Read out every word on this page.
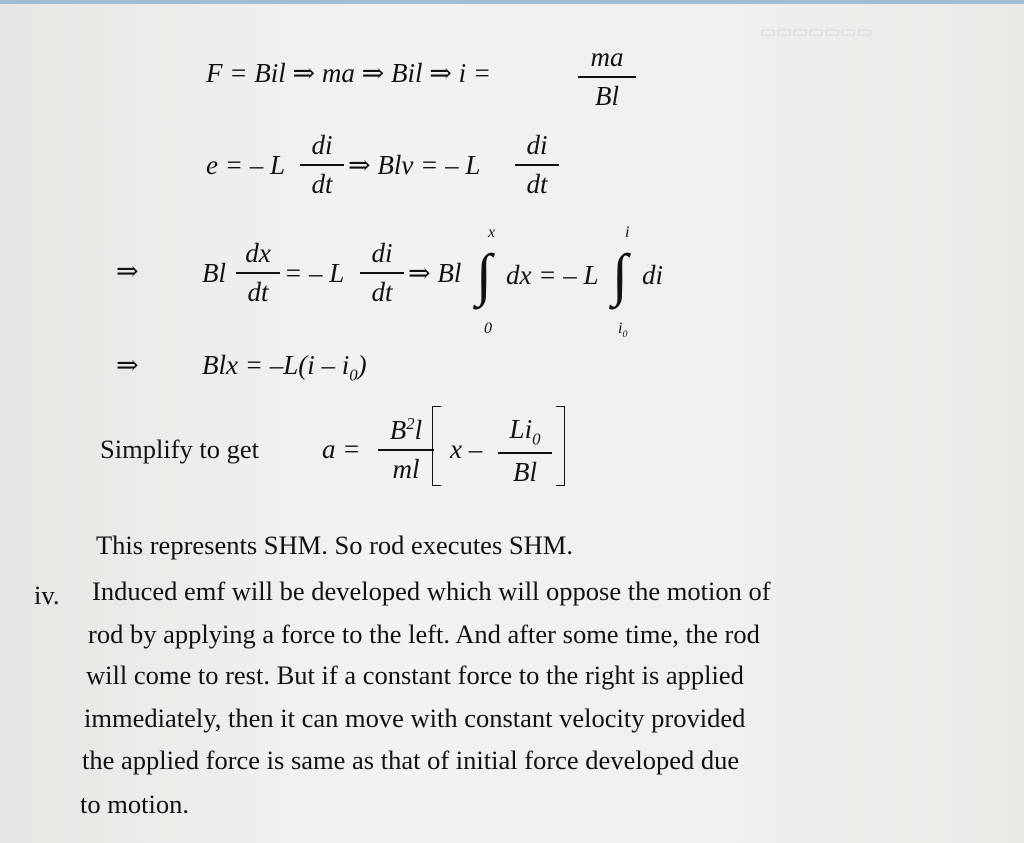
▭▭▭▭▭▭▭
F = Bil ⇒ ma ⇒ Bil ⇒ i =
ma
Bl
e = – L
di
dt
⇒ Blv = – L
di
dt
⇒ Bl
dx
dt
= – L
di
dt
⇒ Bl
x
∫
0
dx = – L
i
∫
$i_0$
di
⇒ Blx = $-L(i - i_0)$
Simplify to get a =
$B^2l$
ml
x –
$Li_0$
Bl
This represents SHM. So rod executes SHM.
iv. Induced emf will be developed which will oppose the motion of
rod by applying a force to the left. And after some time, the rod
will come to rest. But if a constant force to the right is applied
immediately, then it can move with constant velocity provided
the applied force is same as that of initial force developed due
to motion.
